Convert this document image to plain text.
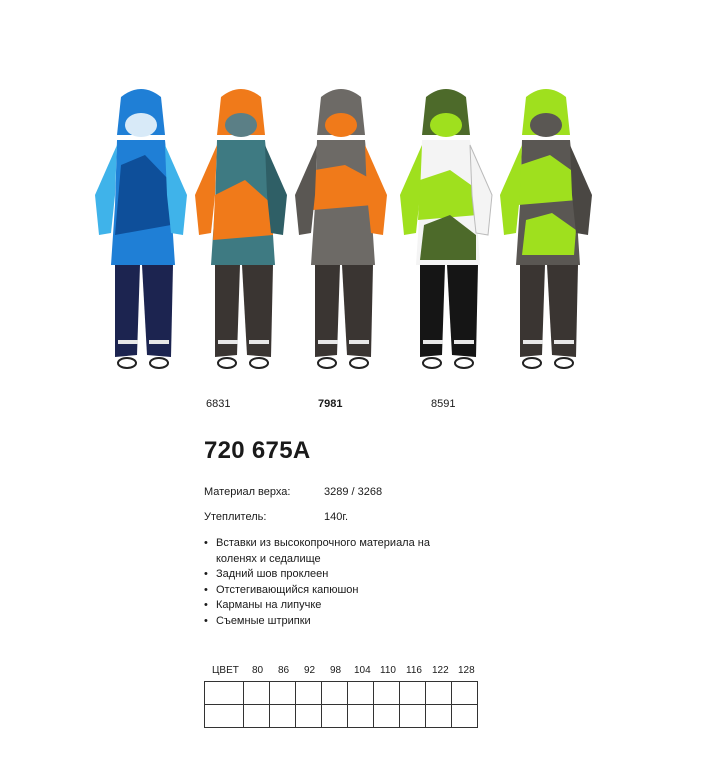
6831	7981	8591
720 675A
Материал верха:	3289 / 3268
Утеплитель:	140г.
• Вставки из высокопрочного материала на коленях и седалище
• Задний шов проклеен
• Отстегивающийся капюшон
• Карманы на липучке
• Съемные штрипки
ЦВЕТ 80 86 92 98 104 110 116 122 128
